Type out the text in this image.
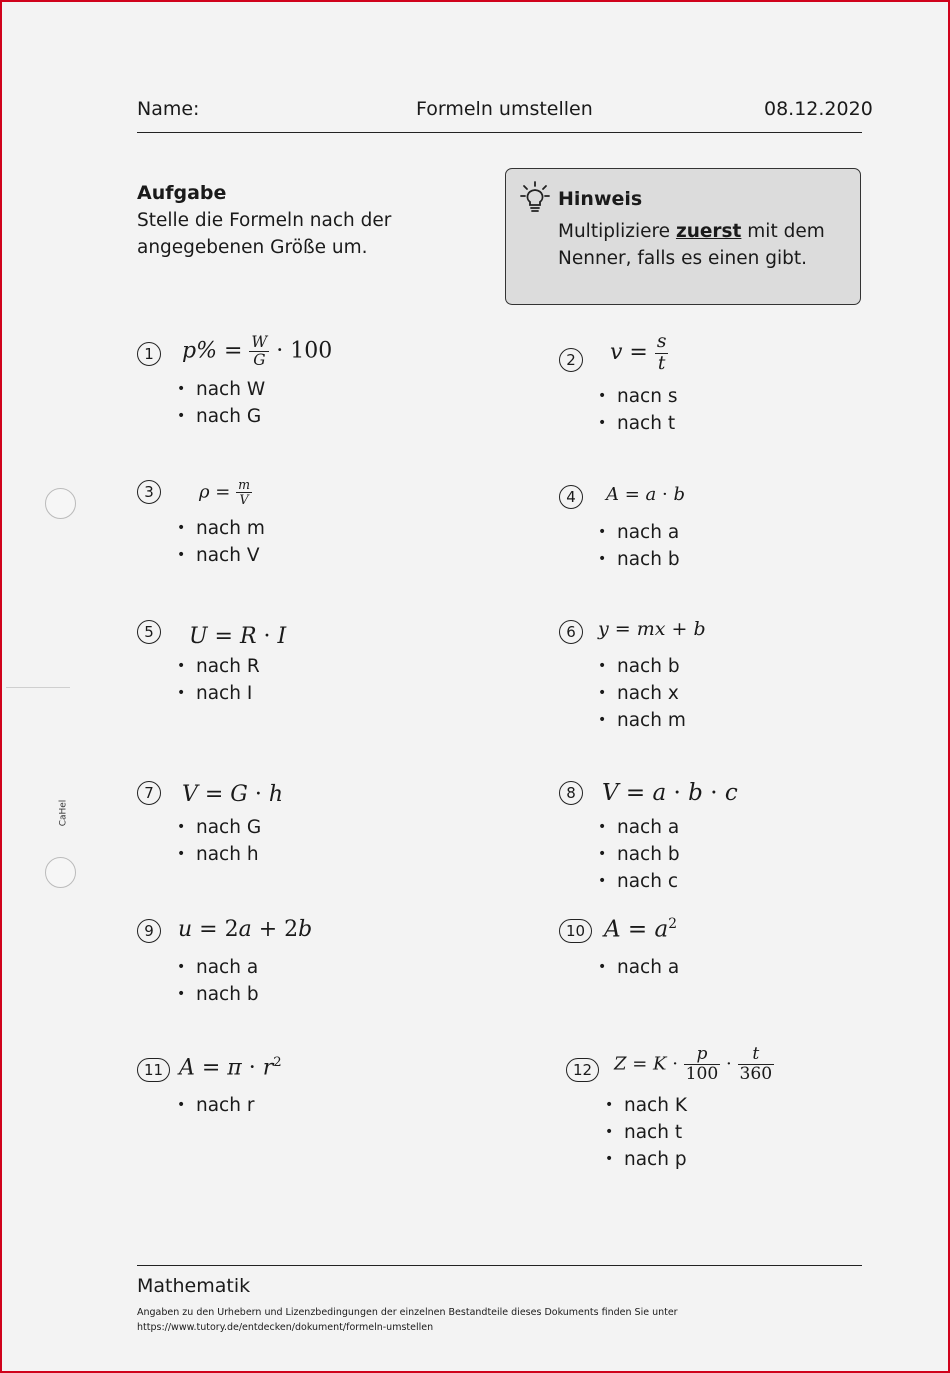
Name:	Formeln umstellen	08.12.2020
Aufgabe
Stelle die Formeln nach der angegebenen Größe um.
Hinweis
Multipliziere zuerst mit dem Nenner, falls es einen gibt.
1	$p\% = \frac{W}{G} \cdot 100$
• nach W
• nach G
2	$v = \frac{s}{t}$
• nacn s
• nach t
3	$\rho = \frac{m}{V}$
• nach m
• nach V
4	A = a · b
• nach a
• nach b
5	U = R · I
• nach R
• nach I
6	y = mx + b
• nach b
• nach x
• nach m
7	V = G · h
• nach G
• nach h
8	V = a · b · c
• nach a
• nach b
• nach c
9	u = 2a + 2b
• nach a
• nach b
10 $A = a^2$
• nach a
11 $A = \pi \cdot r^2$
• nach r
12	$Z = K \cdot \frac{p}{100} \cdot \frac{t}{360}$
• nach K
• nach t
• nach p
CaHel
Mathematik
Angaben zu den Urhebern und Lizenzbedingungen der einzelnen Bestandteile dieses Dokuments finden Sie unter
https://www.tutory.de/entdecken/dokument/formeln-umstellen
